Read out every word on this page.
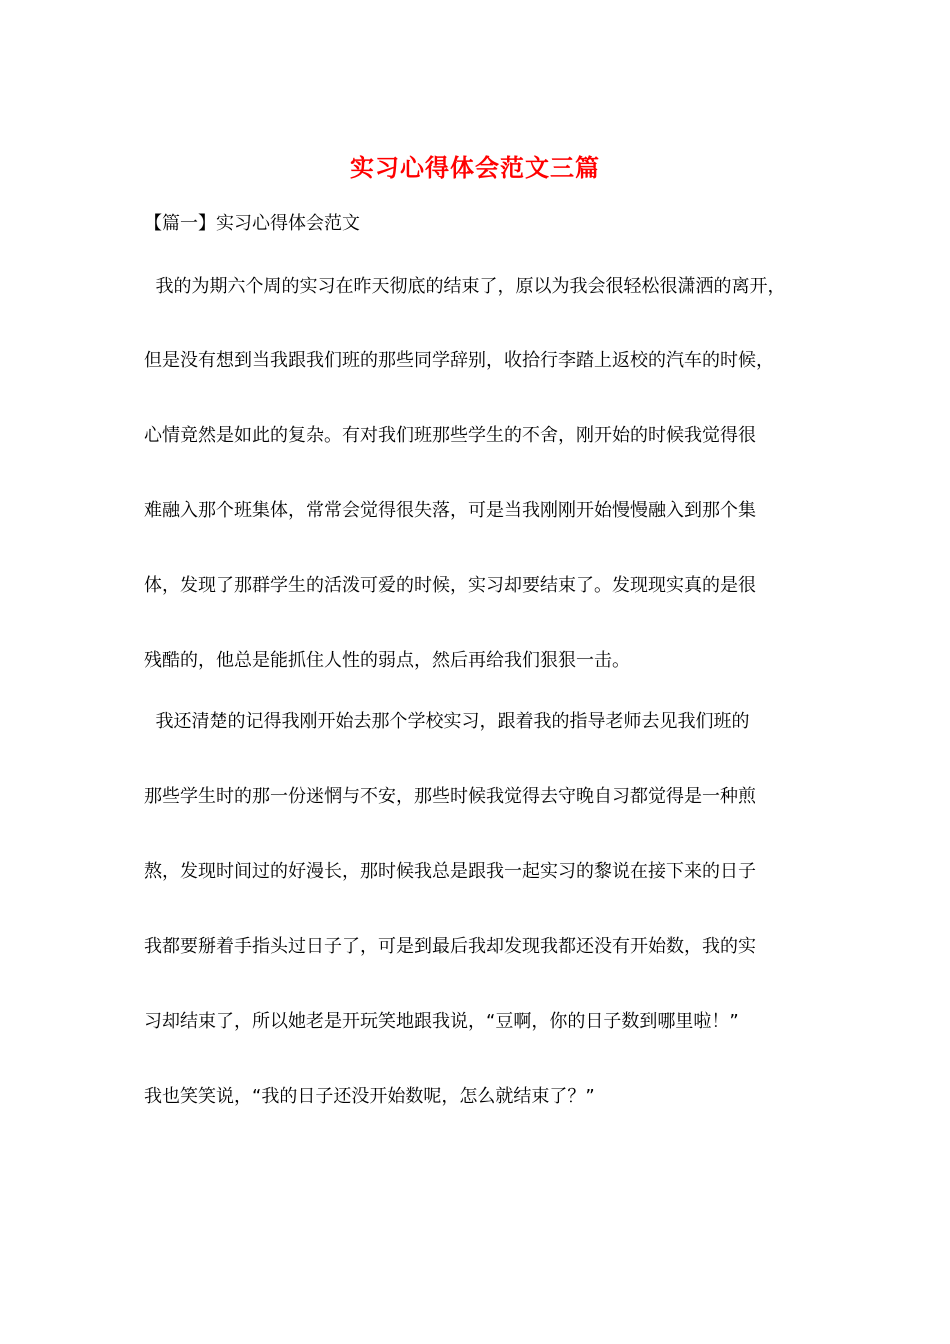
实习心得体会范文三篇
【篇一】实习心得体会范文
我的为期六个周的实习在昨天彻底的结束了，原以为我会很轻松很潇洒的离开，
但是没有想到当我跟我们班的那些同学辞别，收拾行李踏上返校的汽车的时候，
心情竟然是如此的复杂。有对我们班那些学生的不舍，刚开始的时候我觉得很
难融入那个班集体，常常会觉得很失落，可是当我刚刚开始慢慢融入到那个集
体，发现了那群学生的活泼可爱的时候，实习却要结束了。发现现实真的是很
残酷的，他总是能抓住人性的弱点，然后再给我们狠狠一击。
我还清楚的记得我刚开始去那个学校实习，跟着我的指导老师去见我们班的
那些学生时的那一份迷惘与不安，那些时候我觉得去守晚自习都觉得是一种煎
熬，发现时间过的好漫长，那时候我总是跟我一起实习的黎说在接下来的日子
我都要掰着手指头过日子了，可是到最后我却发现我都还没有开始数，我的实
习却结束了，所以她老是开玩笑地跟我说，“豆啊，你的日子数到哪里啦！”
我也笑笑说，“我的日子还没开始数呢，怎么就结束了？”
